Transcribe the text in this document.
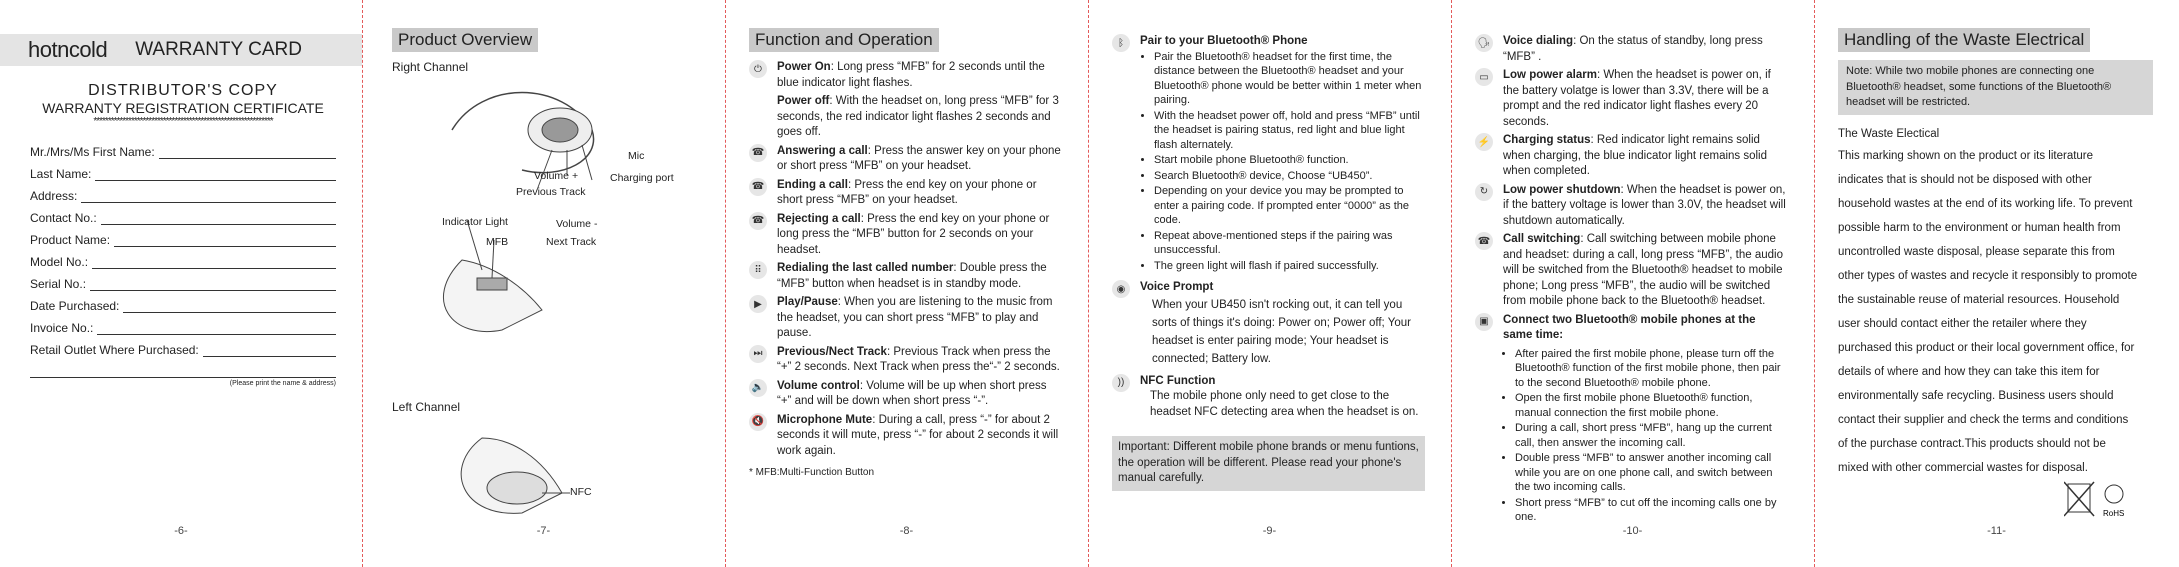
hotncold WARRANTY CARD
DISTRIBUTOR'S COPY
WARRANTY REGISTRATION CERTIFICATE
**************************************************************
Mr./Mrs/Ms First Name:
Last Name:
Address:
Contact No.:
Product Name:
Model No.:
Serial No.:
Date Purchased:
Invoice No.:
Retail Outlet Where Purchased:
(Please print the name & address)
-6-
Product Overview
Right Channel
Mic
Volume +	Charging port
Previous Track
Indicator Light	Volume -
MFB	Next Track
Left Channel
NFC
-7-
Function and Operation
⏻	Power On: Long press “MFB” for 2 seconds until the blue indicator light flashes.
Power off: With the headset on, long press “MFB” for 3 seconds, the red indicator light flashes 2 seconds and goes off.
☎ Answering a call: Press the answer key on your phone or short press “MFB” on your headset.
☎ Ending a call: Press the end key on your phone or short press “MFB” on your headset.
☎ Rejecting a call: Press the end key on your phone or long press the “MFB” button for 2 seconds on your headset.
⠿	Redialing the last called number: Double press the “MFB” button when headset is in standby mode.
▶	Play/Pause: When you are listening to the music from the headset, you can short press “MFB” to play and pause.
⏭	Previous/Nect Track: Previous Track when press the “+” 2 seconds. Next Track when press the“-” 2 seconds.
🔈 Volume control: Volume will be up when short press “+” and will be down when short press “-”.
🔇 Microphone Mute: During a call, press “-” for about 2 seconds it will mute, press “-” for about 2 seconds it will work again.
* MFB:Multi-Function Button
-8-
ᛒ	Pair to your Bluetooth® Phone
• Pair the Bluetooth® headset for the first time, the distance between the Bluetooth® headset and your Bluetooth® phone would be better within 1 meter when pairing.
• With the headset power off, hold and press “MFB” until the headset is pairing status, red light and blue light flash alternately.
• Start mobile phone Bluetooth® function.
• Search Bluetooth® device, Choose “UB450”.
• Depending on your device you may be prompted to enter a pairing code. If prompted enter “0000” as the code.
• Repeat above-mentioned steps if the pairing was unsuccessful.
• The green light will flash if paired successfully.
◉	Voice Prompt
When your UB450 isn't rocking out, it can tell you sorts of things it's doing: Power on; Power off; Your headset is enter pairing mode; Your headset is connected; Battery low.
))	NFC Function
The mobile phone only need to get close to the headset NFC detecting area when the headset is on.
Important: Different mobile phone brands or menu funtions, the operation will be different. Please read your phone's manual carefully.
-9-
🗣 Voice dialing: On the status of standby, long press “MFB” .
▭	Low power alarm: When the headset is power on, if the battery volatge is lower than 3.3V, there will be a prompt and the red indicator light flashes every 20 seconds.
⚡ Charging status: Red indicator light remains solid when charging, the blue indicator light remains solid when completed.
↻	Low power shutdown: When the headset is power on, if the battery voltage is lower than 3.0V, the headset will shutdown automatically.
☎ Call switching: Call switching between mobile phone and headset: during a call, long press “MFB”, the audio will be switched from the Bluetooth® headset to mobile phone; Long press “MFB”, the audio will be switched from mobile phone back to the Bluetooth® headset.
▣	Connect two Bluetooth® mobile phones at the same time:
• After paired the first mobile phone, please turn off the Bluetooth® function of the first mobile phone, then pair to the second Bluetooth® mobile phone.
• Open the first mobile phone Bluetooth® function, manual connection the first mobile phone.
• During a call, short press “MFB”, hang up the current call, then answer the incoming call.
• Double press “MFB” to answer another incoming call while you are on one phone call, and switch between the two incoming calls.
• Short press “MFB” to cut off the incoming calls one by one.
-10-
Handling of the Waste Electrical
Note: While two mobile phones are connecting one Bluetooth® headset, some functions of the Bluetooth® headset will be restricted.
The Waste Electical
This marking shown on the product or its literature indicates that is should not be disposed with other household wastes at the end of its working life. To prevent possible harm to the environment or human health from uncontrolled waste disposal, please separate this from other types of wastes and recycle it responsibly to promote the sustainable reuse of material resources. Household user should contact either the retailer where they purchased this product or their local government office, for details of where and how they can take this item for environmentally safe recycling. Business users should contact their supplier and check the terms and conditions of the purchase contract.This products should not be mixed with other commercial wastes for disposal.
RoHS
-11-
